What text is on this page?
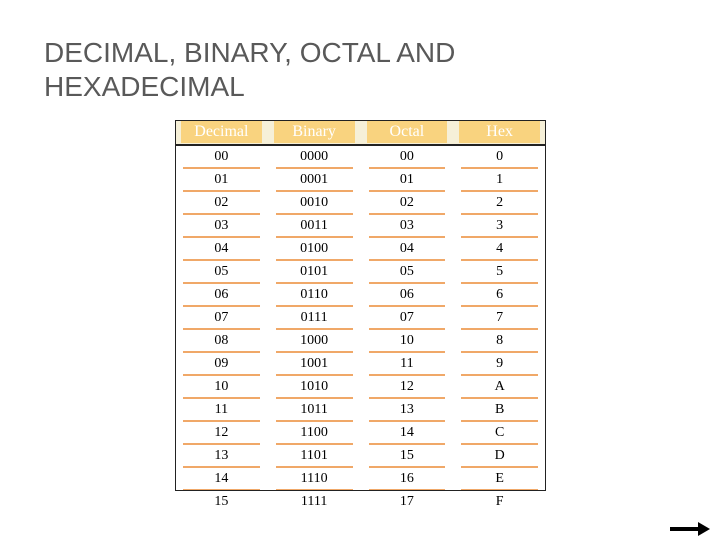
DECIMAL, BINARY, OCTAL AND HEXADECIMAL
Decimal	Binary	Octal	Hex

00	0000	00	0

01	0001	01	1

02	0010	02	2

03	0011	03	3

04	0100	04	4

05	0101	05	5

06	0110	06	6

07	0111	07	7

08	1000	10	8

09	1001	11	9

10	1010	12	A

11	1011	13	B

12	1100	14	C

13	1101	15	D

14	1110	16	E

15	1111	17	F
